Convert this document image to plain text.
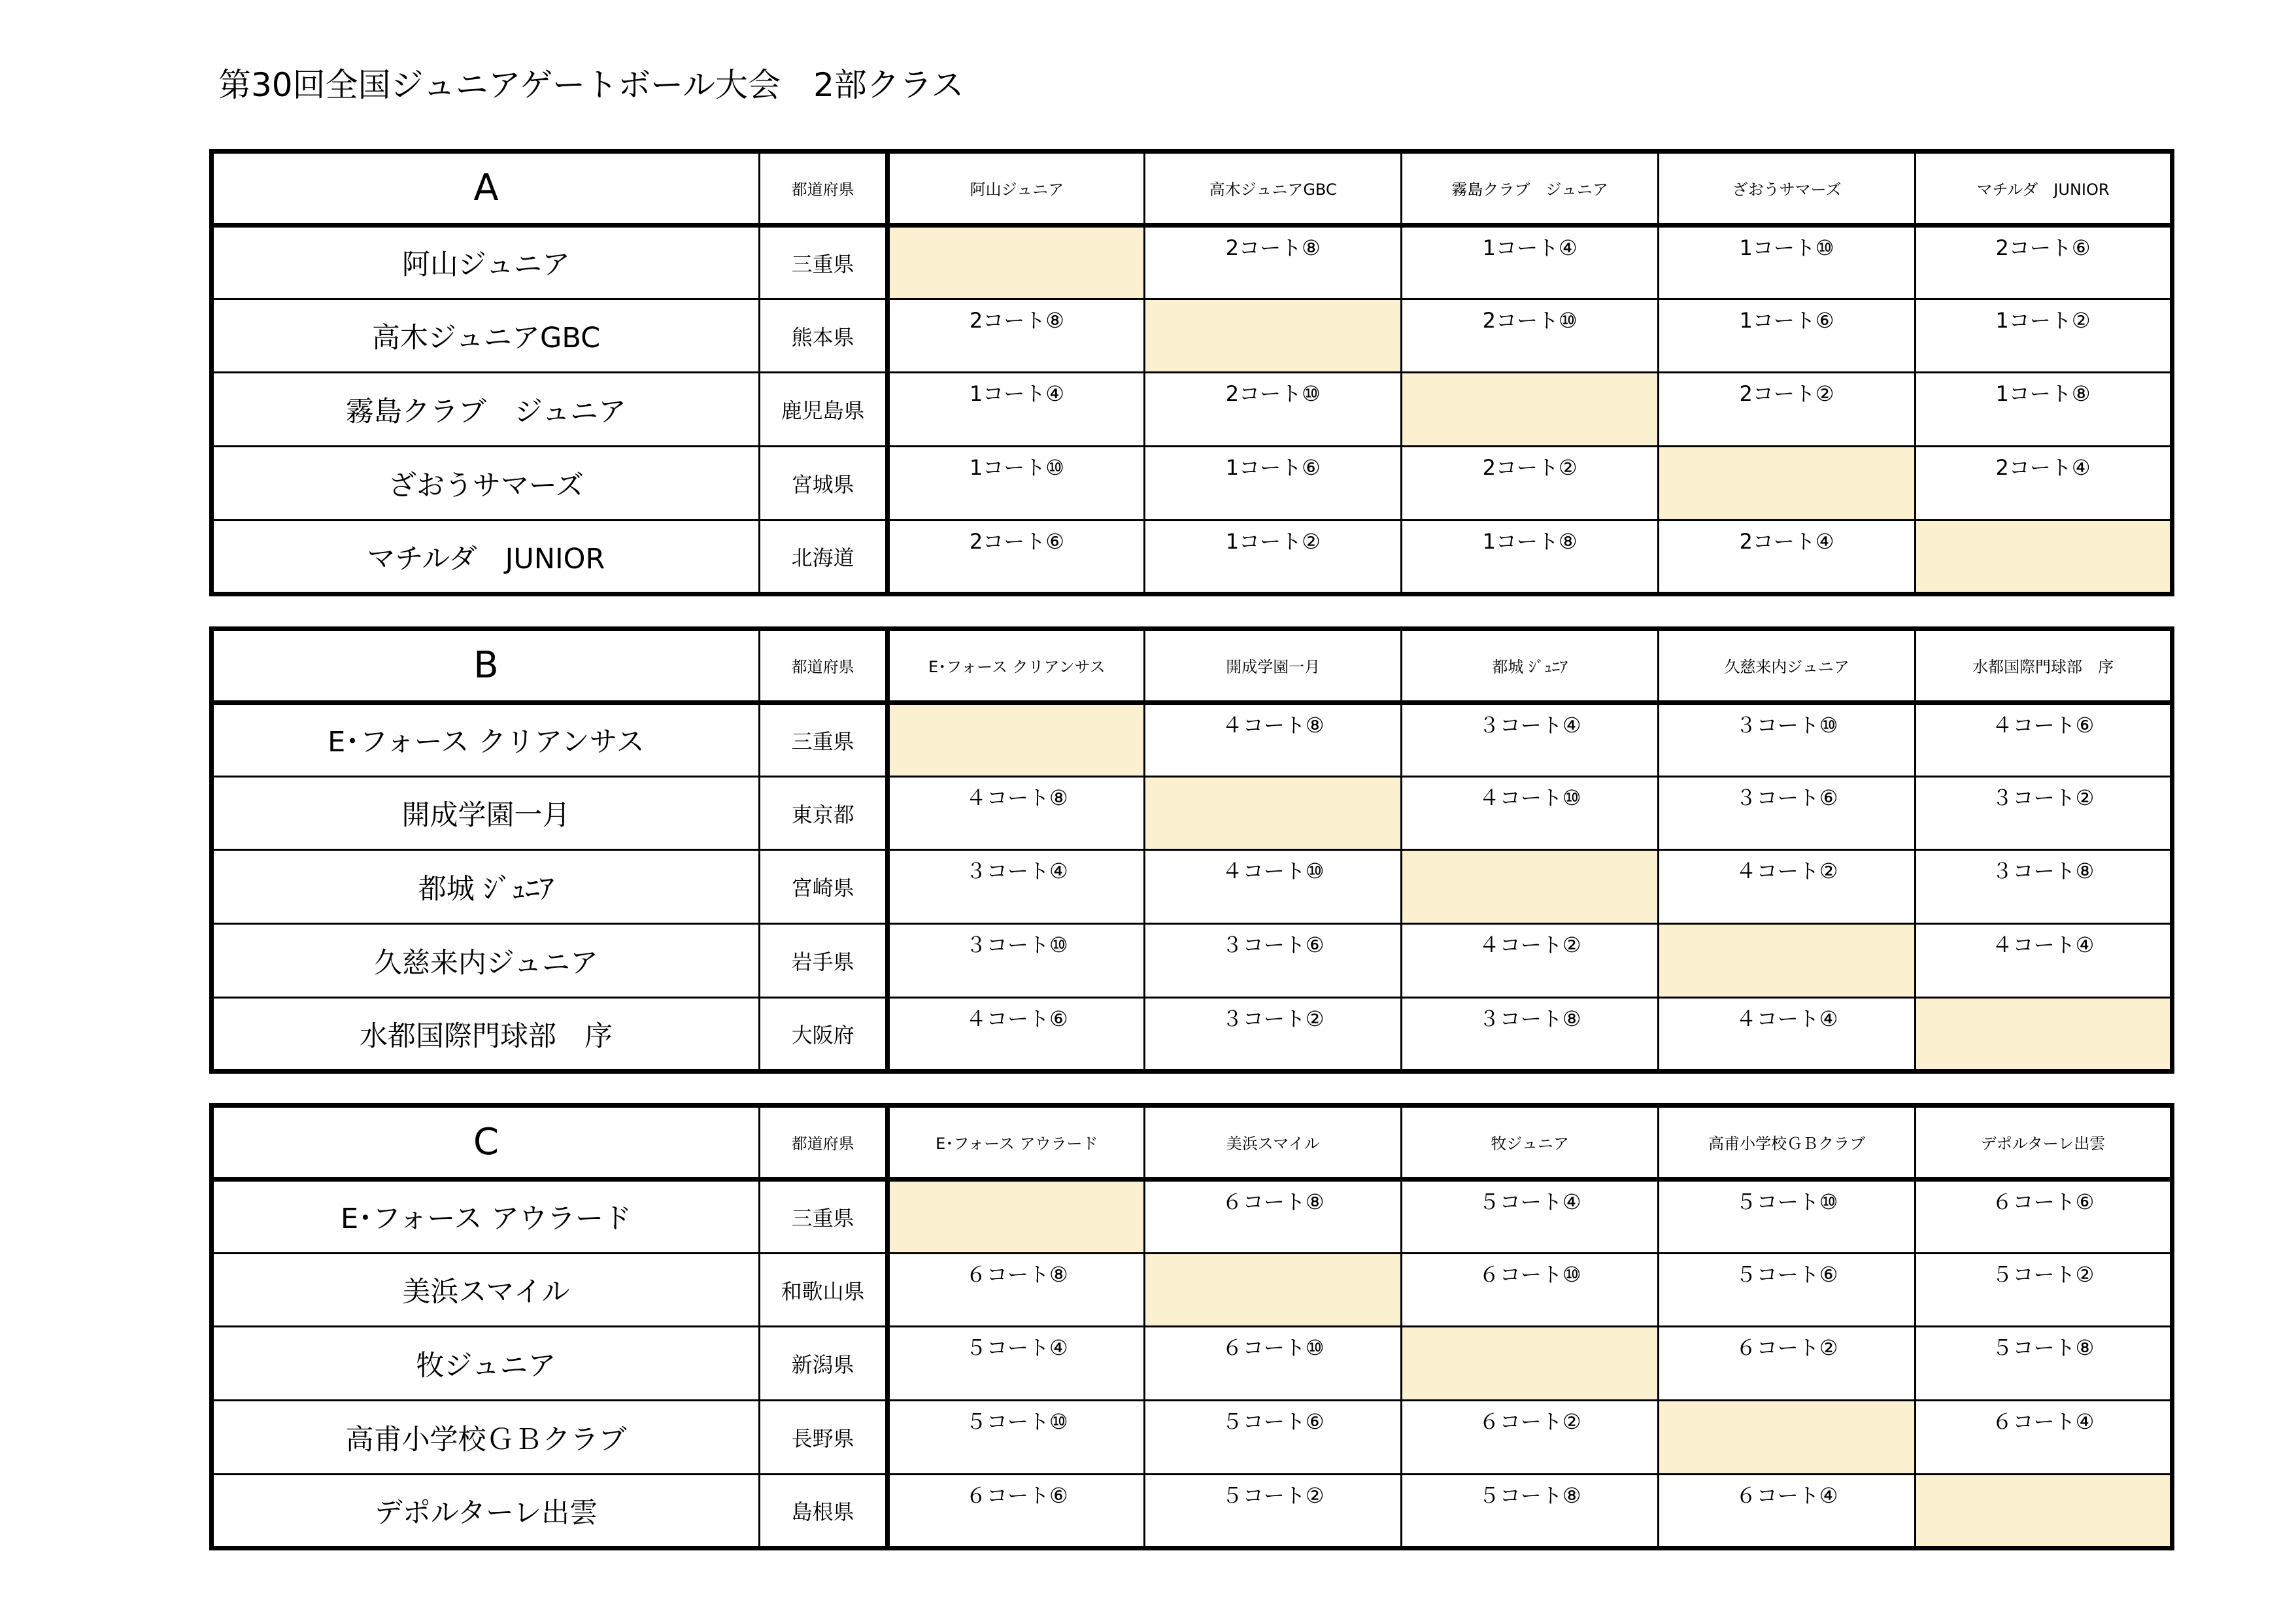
第30回全国ジュニアゲートボール大会　2部クラス
A	都道府県	阿山ジュニア	高木ジュニアGBC	霧島クラブ　ジュニア	ざおうサマーズ	マチルダ　JUNIOR
阿山ジュニア	三重県		2コート⑧	1コート④	1コート⑩	2コート⑥
高木ジュニアGBC	熊本県	2コート⑧		2コート⑩	1コート⑥	1コート②
霧島クラブ　ジュニア	鹿児島県	1コート④	2コート⑩		2コート②	1コート⑧
ざおうサマーズ	宮城県	1コート⑩	1コート⑥	2コート②		2コート④
マチルダ　JUNIOR	北海道	2コート⑥	1コート②	1コート⑧	2コート④	
B	都道府県	E･フォース クリアンサス	開成学園一月	都城 ｼﾞｭﾆｱ	久慈来内ジュニア	水都国際門球部　序
E･フォース クリアンサス	三重県		４コート⑧	３コート④	３コート⑩	４コート⑥
開成学園一月	東京都	４コート⑧		４コート⑩	３コート⑥	３コート②
都城 ｼﾞｭﾆｱ	宮崎県	３コート④	４コート⑩		４コート②	３コート⑧
久慈来内ジュニア	岩手県	３コート⑩	３コート⑥	４コート②		４コート④
水都国際門球部　序	大阪府	４コート⑥	３コート②	３コート⑧	４コート④	
C	都道府県	E･フォース アウラード	美浜スマイル	牧ジュニア	高甫小学校ＧＢクラブ	デポルターレ出雲
E･フォース アウラード	三重県		６コート⑧	５コート④	５コート⑩	６コート⑥
美浜スマイル	和歌山県	６コート⑧		６コート⑩	５コート⑥	５コート②
牧ジュニア	新潟県	５コート④	６コート⑩		６コート②	５コート⑧
高甫小学校ＧＢクラブ	長野県	５コート⑩	５コート⑥	６コート②		６コート④
デポルターレ出雲	島根県	６コート⑥	５コート②	５コート⑧	６コート④	
